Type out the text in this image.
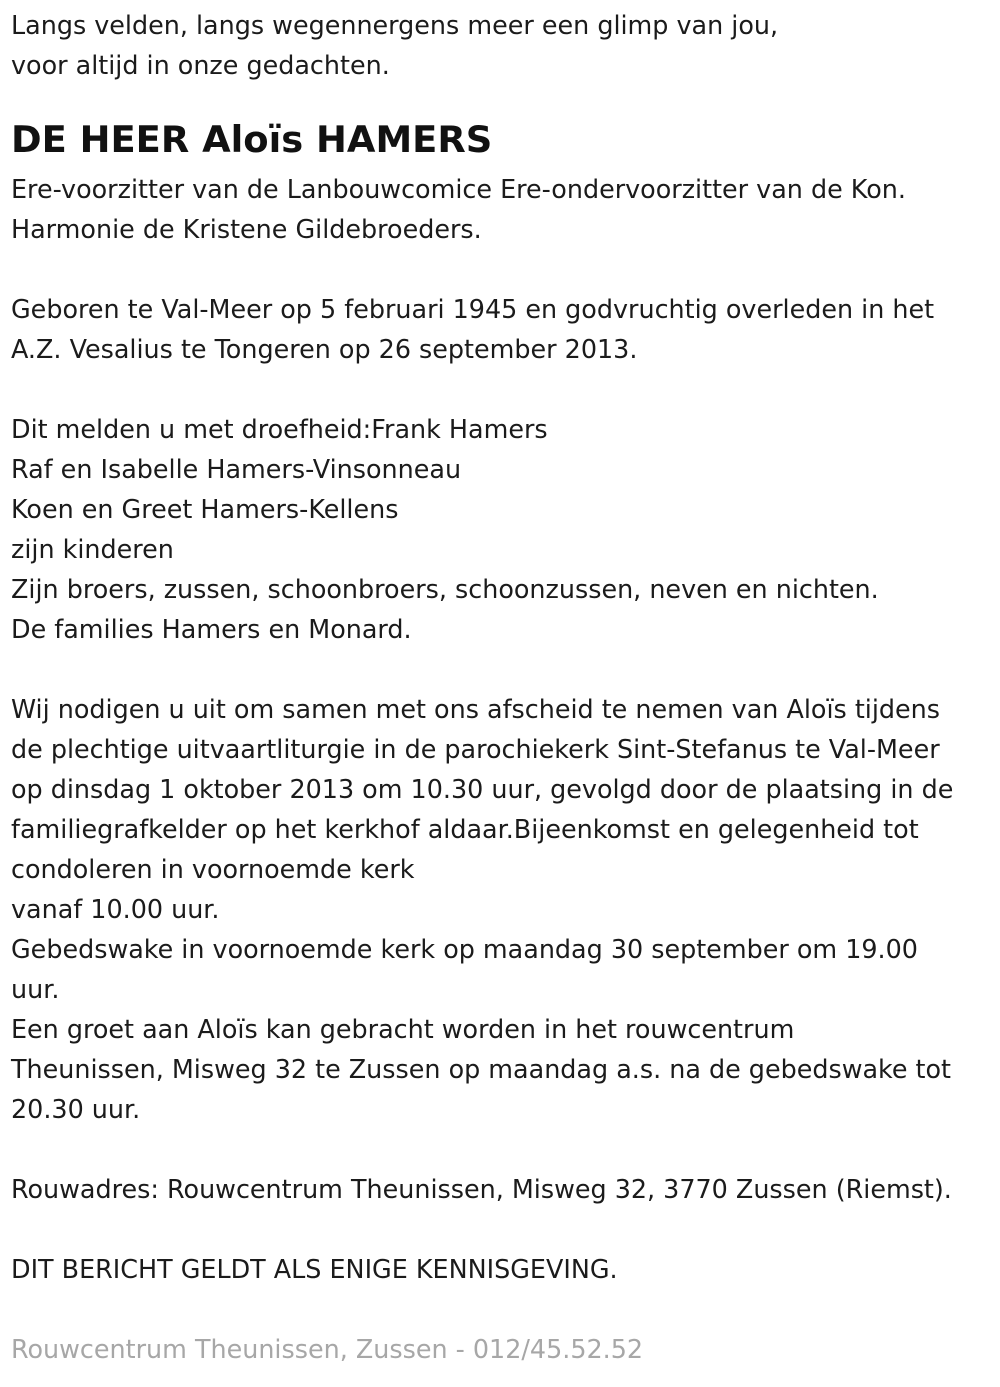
Langs velden, langs wegennergens meer een glimp van jou,
voor altijd in onze gedachten.
DE HEER Aloïs HAMERS
Ere-voorzitter van de Lanbouwcomice Ere-ondervoorzitter van de Kon.
Harmonie de Kristene Gildebroeders.
Geboren te Val-Meer op 5 februari 1945 en godvruchtig overleden in het
A.Z. Vesalius te Tongeren op 26 september 2013.
Dit melden u met droefheid:Frank Hamers
Raf en Isabelle Hamers-Vinsonneau
Koen en Greet Hamers-Kellens
zijn kinderen
Zijn broers, zussen, schoonbroers, schoonzussen, neven en nichten.
De families Hamers en Monard.
Wij nodigen u uit om samen met ons afscheid te nemen van Aloïs tijdens
de plechtige uitvaartliturgie in de parochiekerk Sint-Stefanus te Val-Meer
op dinsdag 1 oktober 2013 om 10.30 uur, gevolgd door de plaatsing in de
familiegrafkelder op het kerkhof aldaar.Bijeenkomst en gelegenheid tot
condoleren in voornoemde kerk
vanaf 10.00 uur.
Gebedswake in voornoemde kerk op maandag 30 september om 19.00
uur.
Een groet aan Aloïs kan gebracht worden in het rouwcentrum
Theunissen, Misweg 32 te Zussen op maandag a.s. na de gebedswake tot
20.30 uur.
Rouwadres: Rouwcentrum Theunissen, Misweg 32, 3770 Zussen (Riemst).
DIT BERICHT GELDT ALS ENIGE KENNISGEVING.
Rouwcentrum Theunissen, Zussen - 012/45.52.52
